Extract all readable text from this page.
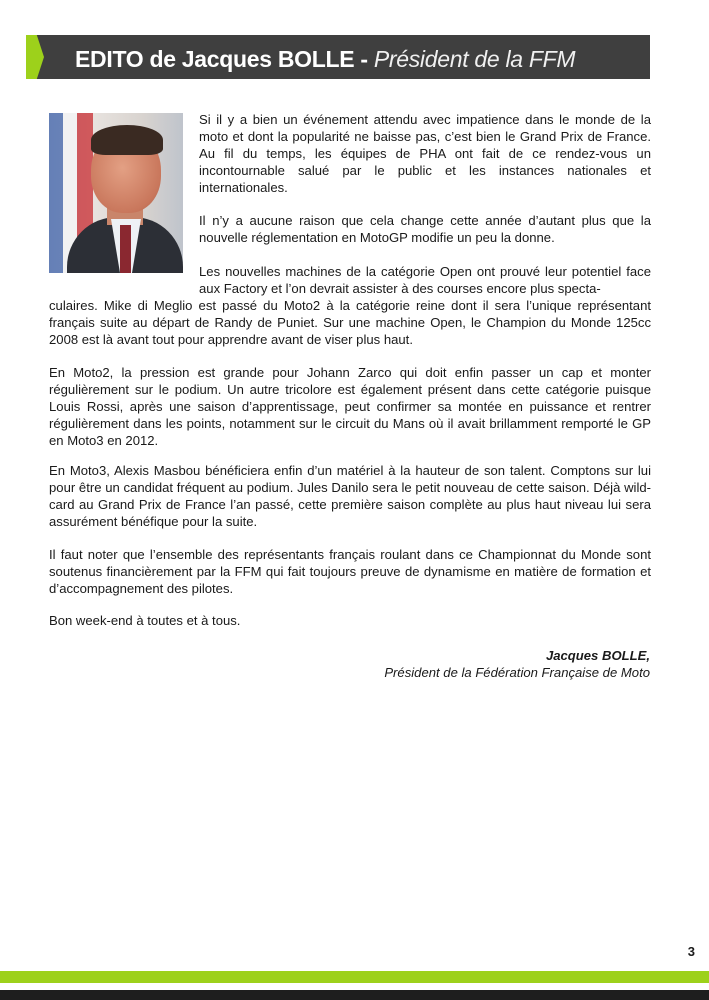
EDITO de Jacques BOLLE - Président de la FFM

Si il y a bien un événement attendu avec impatience dans le monde de la moto et dont la popularité ne baisse pas, c’est bien le Grand Prix de France. Au fil du temps, les équipes de PHA ont fait de ce rendez-vous un incontournable salué par le public et les instances nationales et internationales.

Il n’y a aucune raison que cela change cette année d’autant plus que la nouvelle réglementation en MotoGP modifie un peu la donne.

Les nouvelles machines de la catégorie Open ont prouvé leur potentiel face aux Factory et l’on devrait assister à des courses encore plus specta-

culaires. Mike di Meglio est passé du Moto2 à la catégorie reine dont il sera l’unique représentant français suite au départ de Randy de Puniet. Sur une machine Open, le Champion du Monde 125cc 2008 est là avant tout pour apprendre avant de viser plus haut.

En Moto2, la pression est grande pour Johann Zarco qui doit enfin passer un cap et monter régulièrement sur le podium. Un autre tricolore est également présent dans cette catégorie puisque Louis Rossi, après une saison d’apprentissage, peut confirmer sa montée en puissance et rentrer régulièrement dans les points, notamment sur le circuit du Mans où il avait brillamment remporté le GP en Moto3 en 2012.

En Moto3, Alexis Masbou bénéficiera enfin d’un matériel à la hauteur de son talent. Comptons sur lui pour être un candidat fréquent au podium. Jules Danilo sera le petit nouveau de cette saison. Déjà wild-card au Grand Prix de France l’an passé, cette première saison complète au plus haut niveau lui sera assurément bénéfique pour la suite.

Il faut noter que l’ensemble des représentants français roulant dans ce Championnat du Monde sont soutenus financièrement par la FFM qui fait toujours preuve de dynamisme en matière de formation et d’accompagnement des pilotes.

Bon week-end à toutes et à tous.

Jacques BOLLE,
Président de la Fédération Française de Moto
3
